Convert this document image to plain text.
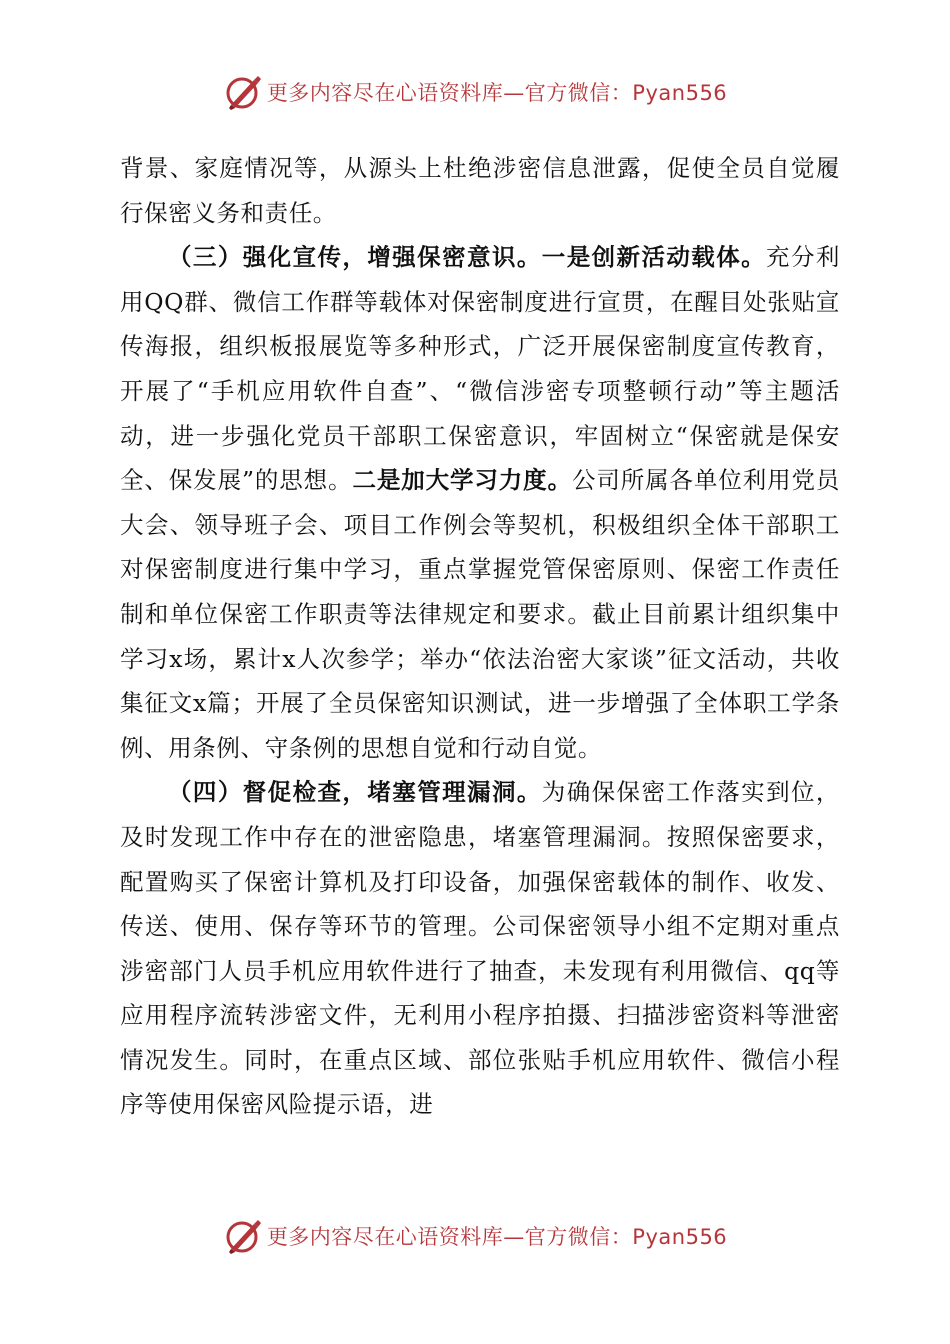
更多内容尽在心语资料库—官方微信：Pyan556

背景、家庭情况等，从源头上杜绝涉密信息泄露，促使全员自觉履行保密义务和责任。

（三）强化宣传，增强保密意识。一是创新活动载体。充分利用QQ群、微信工作群等载体对保密制度进行宣贯，在醒目处张贴宣传海报，组织板报展览等多种形式，广泛开展保密制度宣传教育，开展了“手机应用软件自查”、“微信涉密专项整顿行动”等主题活动，进一步强化党员干部职工保密意识，牢固树立“保密就是保安全、保发展”的思想。二是加大学习力度。公司所属各单位利用党员大会、领导班子会、项目工作例会等契机，积极组织全体干部职工对保密制度进行集中学习，重点掌握党管保密原则、保密工作责任制和单位保密工作职责等法律规定和要求。截止目前累计组织集中学习x场，累计x人次参学；举办“依法治密大家谈”征文活动，共收集征文x篇；开展了全员保密知识测试，进一步增强了全体职工学条例、用条例、守条例的思想自觉和行动自觉。

（四）督促检查，堵塞管理漏洞。为确保保密工作落实到位，及时发现工作中存在的泄密隐患，堵塞管理漏洞。按照保密要求，配置购买了保密计算机及打印设备，加强保密载体的制作、收发、传送、使用、保存等环节的管理。公司保密领导小组不定期对重点涉密部门人员手机应用软件进行了抽查，未发现有利用微信、qq等应用程序流转涉密文件，无利用小程序拍摄、扫描涉密资料等泄密情况发生。同时，在重点区域、部位张贴手机应用软件、微信小程序等使用保密风险提示语，进

更多内容尽在心语资料库—官方微信：Pyan556
